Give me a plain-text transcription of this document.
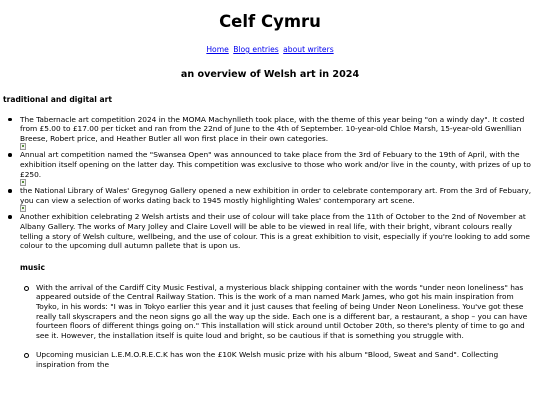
Celf Cymru
Home Blog entries about writers
an overview of Welsh art in 2024
traditional and digital art
The Tabernacle art competition 2024 in the MOMA Machynlleth took place, with the theme of this year being "on a windy day". It costed from £5.00 to £17.00 per ticket and ran from the 22nd of June to the 4th of September. 10-year-old Chloe Marsh, 15-year-old Gwenllian Breese, Robert price, and Heather Butler all won first place in their own categories.
Annual art competition named the "Swansea Open" was announced to take place from the 3rd of Febuary to the 19th of April, with the exhibition itself opening on the latter day. This competition was exclusive to those who work and/or live in the county, with prizes of up to £250.
the National Library of Wales' Gregynog Gallery opened a new exhibition in order to celebrate contemporary art. From the 3rd of Febuary, you can view a selection of works dating back to 1945 mostly highlighting Wales' contemporary art scene.
Another exhibition celebrating 2 Welsh artists and their use of colour will take place from the 11th of October to the 2nd of November at Albany Gallery. The works of Mary Jolley and Claire Lovell will be able to be viewed in real life, with their bright, vibrant colours really telling a story of Welsh culture, wellbeing, and the use of colour. This is a great exhibition to visit, especially if you're looking to add some colour to the upcoming dull autumn pallete that is upon us.
music
With the arrival of the Cardiff City Music Festival, a mysterious black shipping container with the words "under neon loneliness" has appeared outside of the Central Railway Station. This is the work of a man named Mark James, who got his main inspiration from Toyko, in his words: "I was in Tokyo earlier this year and it just causes that feeling of being Under Neon Loneliness. You've got these really tall skyscrapers and the neon signs go all the way up the side. Each one is a different bar, a restaurant, a shop – you can have fourteen floors of different things going on." This installation will stick around until October 20th, so there's plenty of time to go and see it. However, the installation itself is quite loud and bright, so be cautious if that is something you struggle with.
Upcoming musician L.E.M.O.R.E.C.K has won the £10K Welsh music prize with his album "Blood, Sweat and Sand". Collecting inspiration from the
